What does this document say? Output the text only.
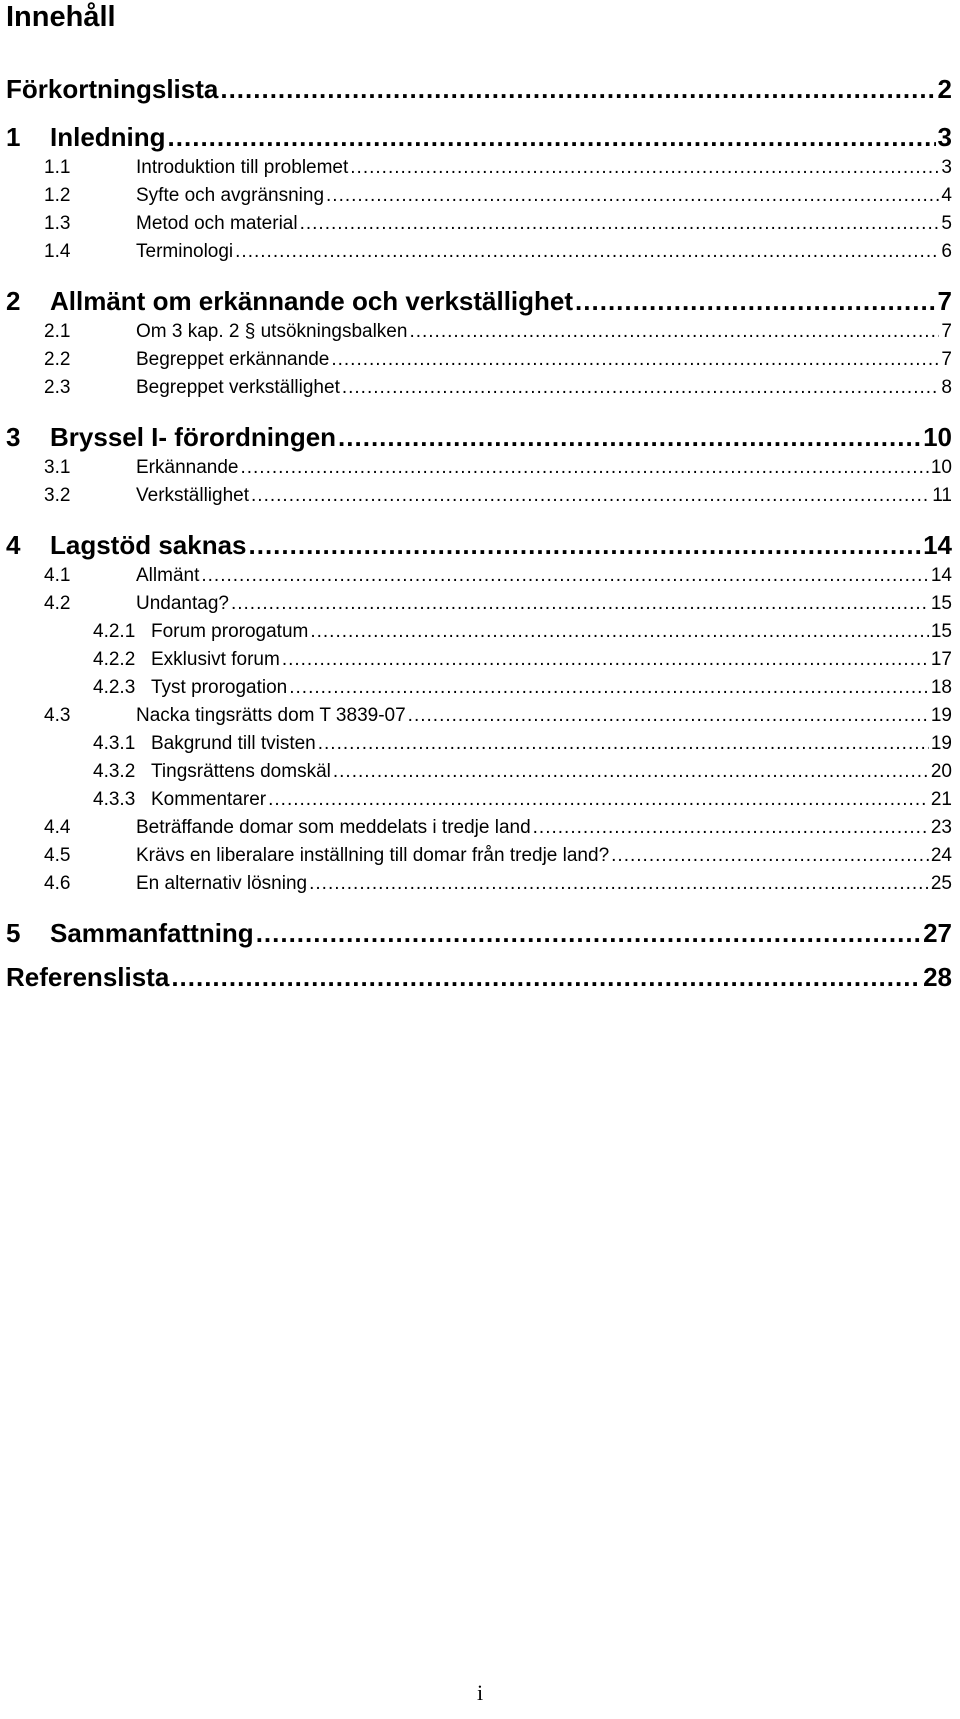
Innehåll
Förkortningslista .....	2
1	Inledning .....	3
1.1	Introduktion till problemet .....	3
1.2	Syfte och avgränsning .....	4
1.3	Metod och material .....	5
1.4	Terminologi .....	6
2	Allmänt om erkännande och verkställighet .....	7
2.1	Om 3 kap. 2 § utsökningsbalken .....	7
2.2	Begreppet erkännande .....	7
2.3	Begreppet verkställighet .....	8
3	Bryssel I- förordningen .....	10
3.1	Erkännande .....	10
3.2	Verkställighet .....	11
4	Lagstöd saknas .....	14
4.1	Allmänt .....	14
4.2	Undantag? .....	15
4.2.1 Forum prorogatum .....	15
4.2.2 Exklusivt forum .....	17
4.2.3 Tyst prorogation .....	18
4.3	Nacka tingsrätts dom T 3839-07 .....	19
4.3.1 Bakgrund till tvisten .....	19
4.3.2 Tingsrättens domskäl .....	20
4.3.3 Kommentarer .....	21
4.4	Beträffande domar som meddelats i tredje land .....	23
4.5	Krävs en liberalare inställning till domar från tredje land? .....	24
4.6	En alternativ lösning .....	25
5	Sammanfattning .....	27
Referenslista .....	28
i
